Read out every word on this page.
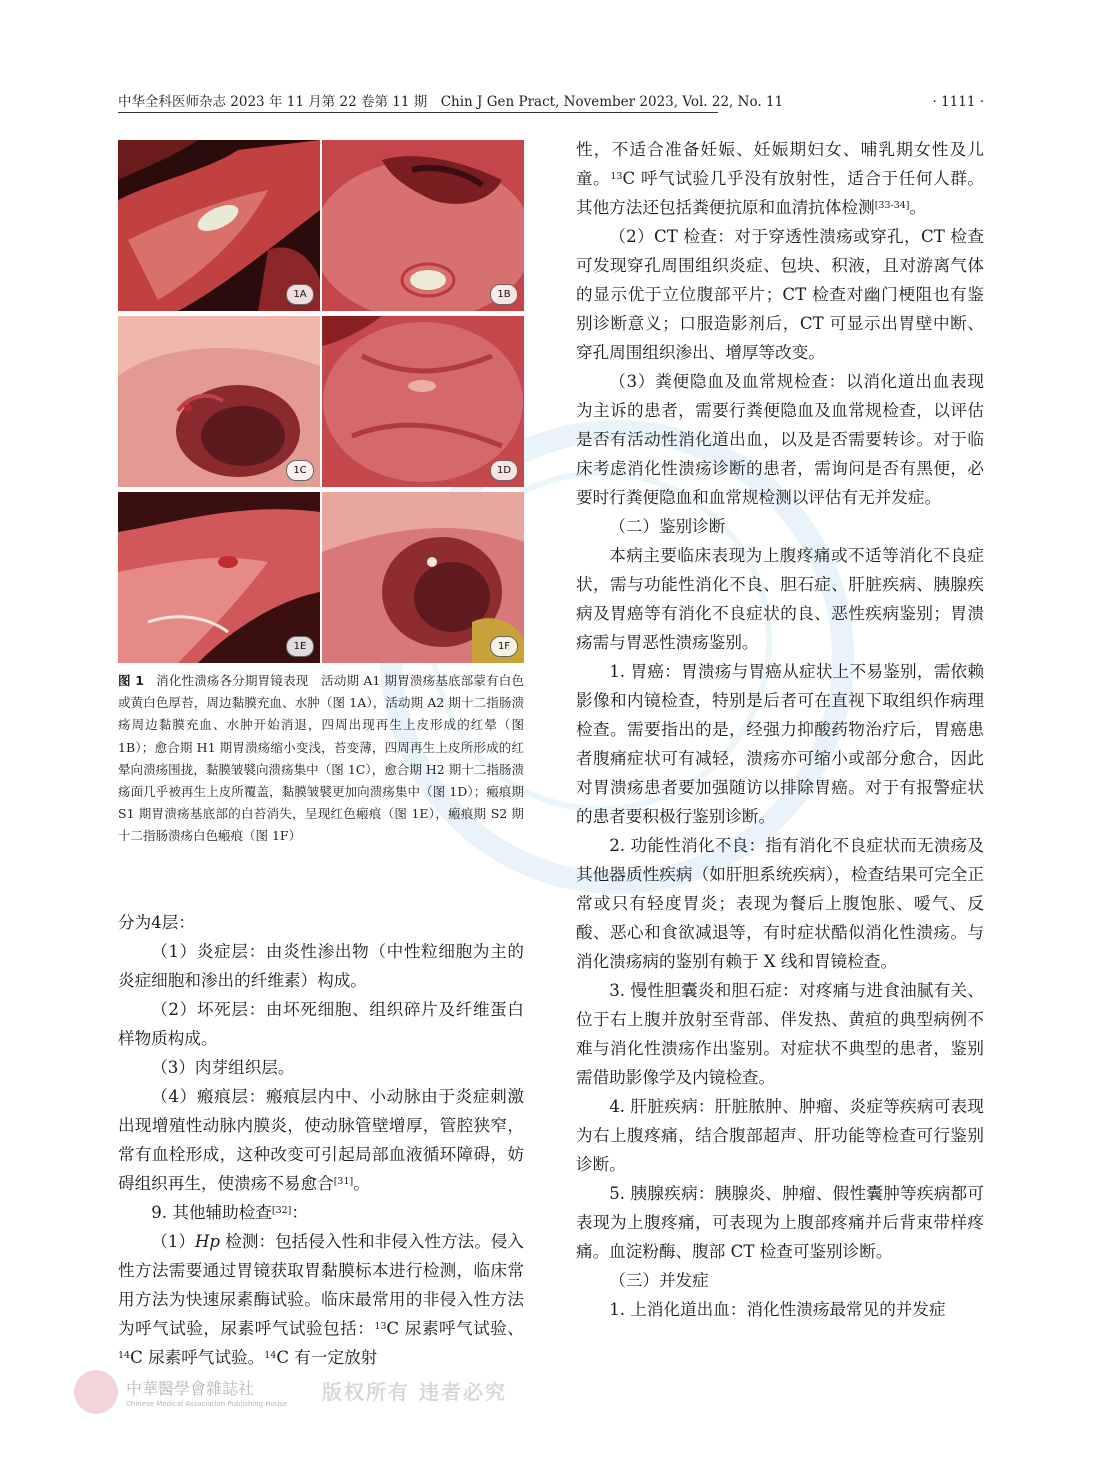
中华全科医师杂志 2023 年 11 月第 22 卷第 11 期　Chin J Gen Pract, November 2023, Vol. 22, No. 11	· 1111 ·
1A	1B
1C	1D
1E	1F
图 1 消化性溃疡各分期胃镜表现　活动期 A1 期胃溃疡基底部蒙有白色或黄白色厚苔，周边黏膜充血、水肿（图 1A），活动期 A2 期十二指肠溃疡周边黏膜充血、水肿开始消退，四周出现再生上皮形成的红晕（图 1B）；愈合期 H1 期胃溃疡缩小变浅，苔变薄，四周再生上皮所形成的红晕向溃疡围拢，黏膜皱襞向溃疡集中（图 1C），愈合期 H2 期十二指肠溃疡面几乎被再生上皮所覆盖，黏膜皱襞更加向溃疡集中（图 1D）；瘢痕期 S1 期胃溃疡基底部的白苔消失，呈现红色瘢痕（图 1E），瘢痕期 S2 期十二指肠溃疡白色瘢痕（图 1F）

分为4层：

（1）炎症层：由炎性渗出物（中性粒细胞为主的炎症细胞和渗出的纤维素）构成。

（2）坏死层：由坏死细胞、组织碎片及纤维蛋白样物质构成。

（3）肉芽组织层。

（4）瘢痕层：瘢痕层内中、小动脉由于炎症刺激出现增殖性动脉内膜炎，使动脉管壁增厚，管腔狭窄，常有血栓形成，这种改变可引起局部血液循环障碍，妨碍组织再生，使溃疡不易愈合[31]。

9. 其他辅助检查[32]：

（1）Hp 检测：包括侵入性和非侵入性方法。侵入性方法需要通过胃镜获取胃黏膜标本进行检测，临床常用方法为快速尿素酶试验。临床最常用的非侵入性方法为呼气试验，尿素呼气试验包括：$^{13}$C 尿素呼气试验、$^{14}$C 尿素呼气试验。$^{14}$C 有一定放射

性，不适合准备妊娠、妊娠期妇女、哺乳期女性及儿童。$^{13}$C 呼气试验几乎没有放射性，适合于任何人群。其他方法还包括粪便抗原和血清抗体检测[33-34]。

（2）CT 检查：对于穿透性溃疡或穿孔，CT 检查可发现穿孔周围组织炎症、包块、积液，且对游离气体的显示优于立位腹部平片；CT 检查对幽门梗阻也有鉴别诊断意义；口服造影剂后，CT 可显示出胃壁中断、穿孔周围组织渗出、增厚等改变。

（3）粪便隐血及血常规检查：以消化道出血表现为主诉的患者，需要行粪便隐血及血常规检查，以评估是否有活动性消化道出血，以及是否需要转诊。对于临床考虑消化性溃疡诊断的患者，需询问是否有黑便，必要时行粪便隐血和血常规检测以评估有无并发症。

（二）鉴别诊断

本病主要临床表现为上腹疼痛或不适等消化不良症状，需与功能性消化不良、胆石症、肝脏疾病、胰腺疾病及胃癌等有消化不良症状的良、恶性疾病鉴别；胃溃疡需与胃恶性溃疡鉴别。

1. 胃癌：胃溃疡与胃癌从症状上不易鉴别，需依赖影像和内镜检查，特别是后者可在直视下取组织作病理检查。需要指出的是，经强力抑酸药物治疗后，胃癌患者腹痛症状可有减轻，溃疡亦可缩小或部分愈合，因此对胃溃疡患者要加强随访以排除胃癌。对于有报警症状的患者要积极行鉴别诊断。

2. 功能性消化不良：指有消化不良症状而无溃疡及其他器质性疾病（如肝胆系统疾病），检查结果可完全正常或只有轻度胃炎；表现为餐后上腹饱胀、嗳气、反酸、恶心和食欲减退等，有时症状酷似消化性溃疡。与消化溃疡病的鉴别有赖于 X 线和胃镜检查。

3. 慢性胆囊炎和胆石症：对疼痛与进食油腻有关、位于右上腹并放射至背部、伴发热、黄疸的典型病例不难与消化性溃疡作出鉴别。对症状不典型的患者，鉴别需借助影像学及内镜检查。

4. 肝脏疾病：肝脏脓肿、肿瘤、炎症等疾病可表现为右上腹疼痛，结合腹部超声、肝功能等检查可行鉴别诊断。

5. 胰腺疾病：胰腺炎、肿瘤、假性囊肿等疾病都可表现为上腹疼痛，可表现为上腹部疼痛并后背束带样疼痛。血淀粉酶、腹部 CT 检查可鉴别诊断。

（三）并发症

1. 上消化道出血：消化性溃疡最常见的并发症

中華醫學會雜誌社
Chinese Medical Association Publishing House 版权所有 违者必究
